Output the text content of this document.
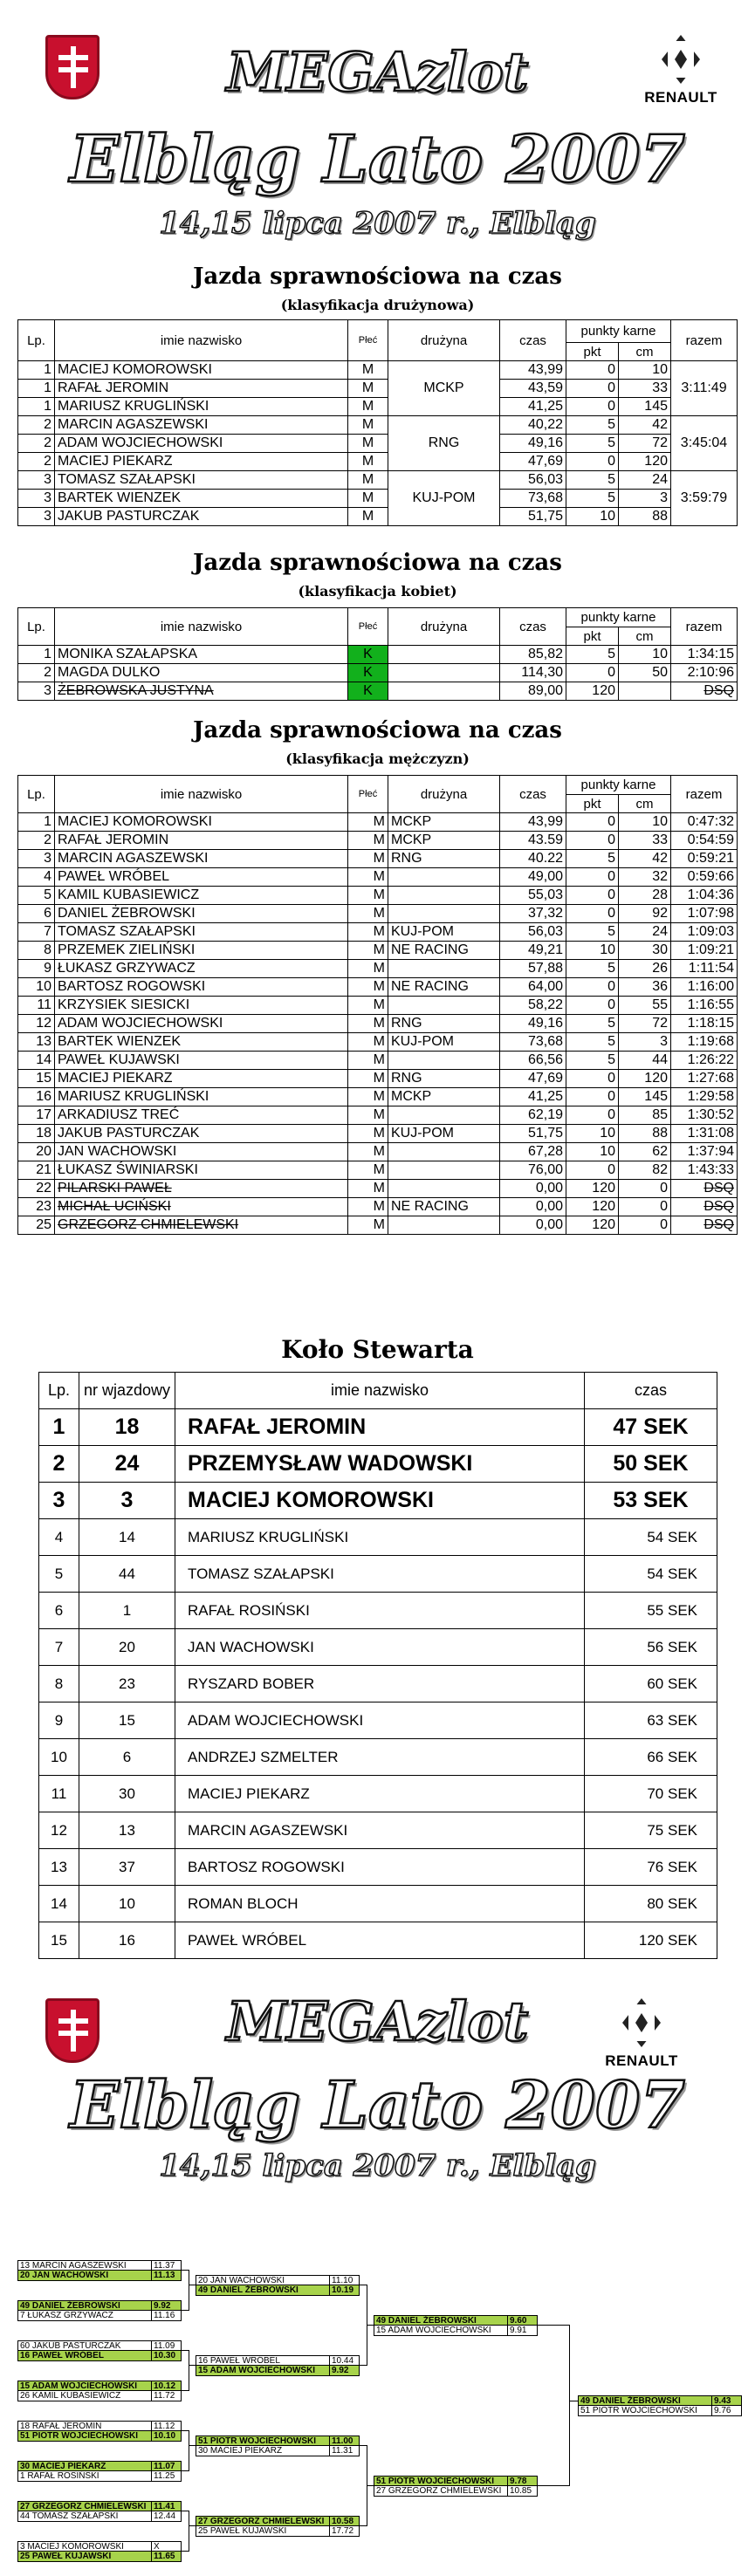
MEGAzlot	RENAULT
Elbląg Lato 2007
14,15 lipca 2007 r., Elbląg
Jazda sprawnościowa na czas
(klasyfikacja drużynowa)
Lp.	imie nazwisko	Płeć	drużyna	czas	punkty karne		razem
					pkt	cm	
1	MACIEJ KOMOROWSKI	M	MCKP	43,99	0	10	3:11:49
1	RAFAŁ JEROMIN	M		43,59	0	33	
1	MARIUSZ KRUGLIŃSKI	M		41,25	0	145	
2	MARCIN AGASZEWSKI	M	RNG	40,22	5	42	3:45:04
2	ADAM WOJCIECHOWSKI	M		49,16	5	72	
2	MACIEJ PIEKARZ	M		47,69	0	120	
3	TOMASZ SZAŁAPSKI	M	KUJ-POM	56,03	5	24	3:59:79
3	BARTEK WIENZEK	M		73,68	5	3	
3	JAKUB PASTURCZAK	M		51,75	10	88	
Jazda sprawnościowa na czas
(klasyfikacja kobiet)
Lp.	imie nazwisko	Płeć	drużyna	czas	punkty karne		razem
					pkt	cm	
1	MONIKA SZAŁAPSKA	K		85,82	5	10	1:34:15
2	MAGDA DULKO	K		114,30	0	50	2:10:96
3	ŻEBROWSKA JUSTYNA	K		89,00	120		DSQ
Jazda sprawnościowa na czas
(klasyfikacja mężczyzn)
Lp.	imie nazwisko	Płeć	drużyna	czas	punkty karne		razem
					pkt	cm	
1	MACIEJ KOMOROWSKI	M	MCKP	43,99	0	10	0:47:32
2	RAFAŁ JEROMIN	M	MCKP	43.59	0	33	0:54:59
3	MARCIN AGASZEWSKI	M	RNG	40.22	5	42	0:59:21
4	PAWEŁ WRÓBEL	M		49,00	0	32	0:59:66
5	KAMIL KUBASIEWICZ	M		55,03	0	28	1:04:36
6	DANIEL ŻEBROWSKI	M		37,32	0	92	1:07:98
7	TOMASZ SZAŁAPSKI	M	KUJ-POM	56,03	5	24	1:09:03
8	PRZEMEK ZIELIŃSKI	M	NE RACING	49,21	10	30	1:09:21
9	ŁUKASZ GRZYWACZ	M		57,88	5	26	1:11:54
10	BARTOSZ ROGOWSKI	M	NE RACING	64,00	0	36	1:16:00
11	KRZYSIEK SIESICKI	M		58,22	0	55	1:16:55
12	ADAM WOJCIECHOWSKI	M	RNG	49,16	5	72	1:18:15
13	BARTEK WIENZEK	M	KUJ-POM	73,68	5	3	1:19:68
14	PAWEŁ KUJAWSKI	M		66,56	5	44	1:26:22
15	MACIEJ PIEKARZ	M	RNG	47,69	0	120	1:27:68
16	MARIUSZ KRUGLIŃSKI	M	MCKP	41,25	0	145	1:29:58
17	ARKADIUSZ TREĆ	M		62,19	0	85	1:30:52
18	JAKUB PASTURCZAK	M	KUJ-POM	51,75	10	88	1:31:08
20	JAN WACHOWSKI	M		67,28	10	62	1:37:94
21	ŁUKASZ ŚWINIARSKI	M		76,00	0	82	1:43:33
22	PILARSKI PAWEŁ	M		0,00	120	0	DSQ
23	MICHAŁ UCIŃSKI	M	NE RACING	0,00	120	0	DSQ
25	GRZEGORZ CHMIELEWSKI	M		0,00	120	0	DSQ
Koło Stewarta
Lp.	nr wjazdowy	imie nazwisko	czas
1	18	RAFAŁ JEROMIN	47 SEK
2	24	PRZEMYSŁAW WADOWSKI	50 SEK
3	3	MACIEJ KOMOROWSKI	53 SEK
4	14	MARIUSZ KRUGLIŃSKI	54 SEK
5	44	TOMASZ SZAŁAPSKI	54 SEK
6	1	RAFAŁ ROSIŃSKI	55 SEK
7	20	JAN WACHOWSKI	56 SEK
8	23	RYSZARD BOBER	60 SEK
9	15	ADAM WOJCIECHOWSKI	63 SEK
10	6	ANDRZEJ SZMELTER	66 SEK
11	30	MACIEJ PIEKARZ	70 SEK
12	13	MARCIN AGASZEWSKI	75 SEK
13	37	BARTOSZ ROGOWSKI	76 SEK
14	10	ROMAN BLOCH	80 SEK
15	16	PAWEŁ WRÓBEL	120 SEK
MEGAzlot
RENAULT
Elbląg Lato 2007
14,15 lipca 2007 r., Elbląg
13 MARCIN AGASZEWSKI	11.37
20 JAN WACHOWSKI	11.13
49 DANIEL ŻEBROWSKI	9.92
7 ŁUKASZ GRZYWACZ	11.16
60 JAKUB PASTURCZAK	11.09
16 PAWEŁ WRÓBEL	10.30
15 ADAM WOJCIECHOWSKI	10.12
26 KAMIL KUBASIEWICZ	11.72
18 RAFAŁ JEROMIN	11.12
51 PIOTR WOJCIECHOWSKI	10.10
30 MACIEJ PIEKARZ	11.07
1 RAFAŁ ROSIŃSKI	11.25
27 GRZEGORZ CHMIELEWSKI 11.41
44 TOMASZ SZAŁAPSKI	12.44
3 MACIEJ KOMOROWSKI	X
25 PAWEŁ KUJAWSKI	11.65
20 JAN WACHOWSKI	11.10
49 DANIEL ŻEBROWSKI	10.19
16 PAWEŁ WRÓBEL	10.44
15 ADAM WOJCIECHOWSKI	9.92
51 PIOTR WOJCIECHOWSKI	11.00
30 MACIEJ PIEKARZ	11.31
27 GRZEGORZ CHMIELEWSKI 10.58
25 PAWEŁ KUJAWSKI	17.72
49 DANIEL ŻEBROWSKI	9.60
15 ADAM WOJCIECHOWSKI	9.91
51 PIOTR WOJCIECHOWSKI	9.78
27 GRZEGORZ CHMIELEWSKI 10.85
49 DANIEL ŻEBROWSKI	9.43
51 PIOTR WOJCIECHOWSKI	9.76
